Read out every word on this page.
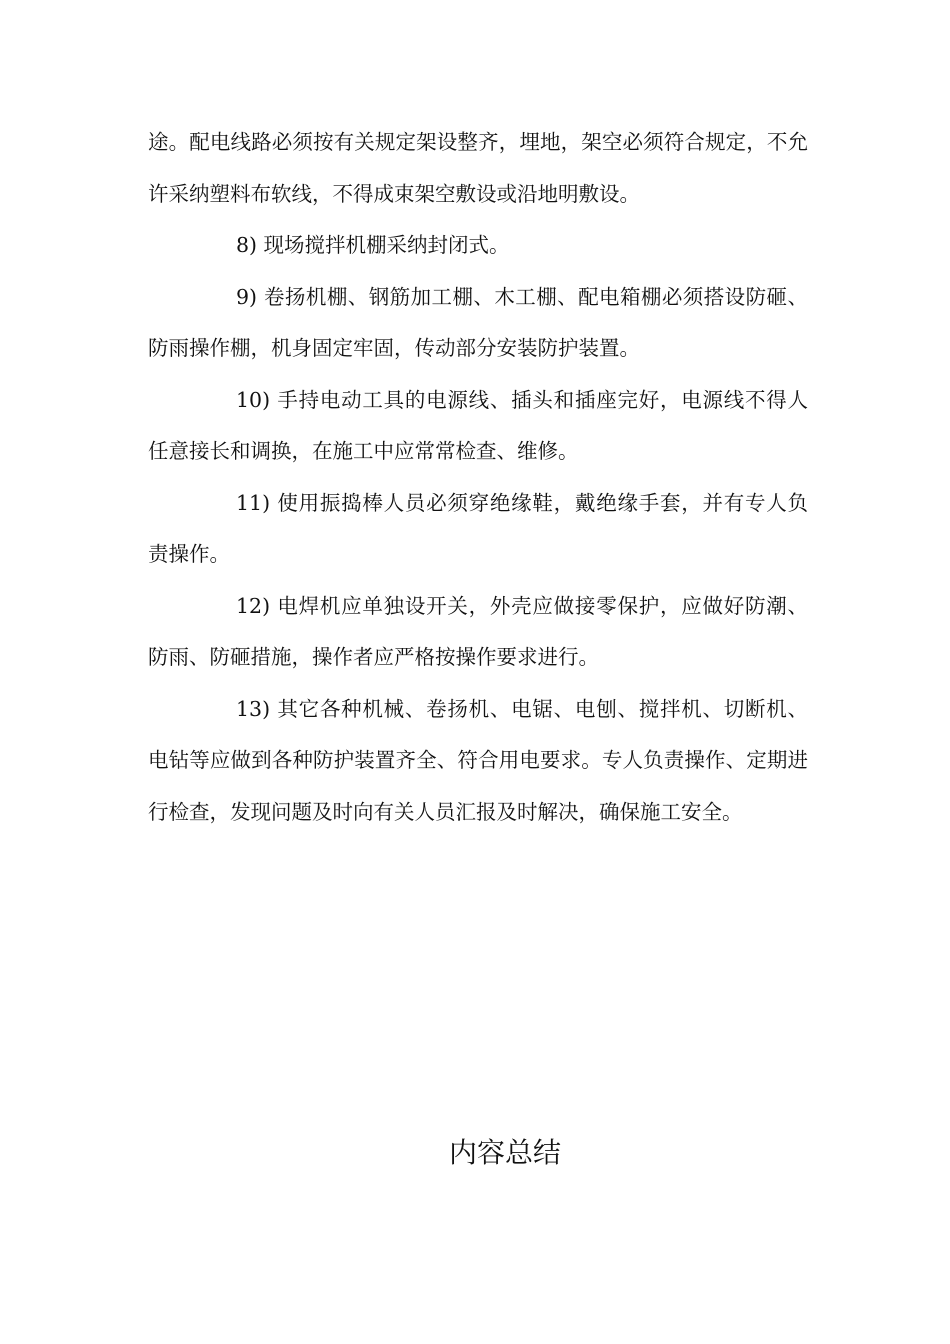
途。配电线路必须按有关规定架设整齐，埋地，架空必须符合规定，不允许采纳塑料布软线，不得成束架空敷设或沿地明敷设。

8) 现场搅拌机棚采纳封闭式。

9) 卷扬机棚、钢筋加工棚、木工棚、配电箱棚必须搭设防砸、防雨操作棚，机身固定牢固，传动部分安装防护装置。

10) 手持电动工具的电源线、插头和插座完好，电源线不得人任意接长和调换，在施工中应常常检查、维修。

11) 使用振捣棒人员必须穿绝缘鞋，戴绝缘手套，并有专人负责操作。

12) 电焊机应单独设开关，外壳应做接零保护，应做好防潮、防雨、防砸措施，操作者应严格按操作要求进行。

13) 其它各种机械、卷扬机、电锯、电刨、搅拌机、切断机、电钻等应做到各种防护装置齐全、符合用电要求。专人负责操作、定期进行检查，发现问题及时向有关人员汇报及时解决，确保施工安全。

内容总结
